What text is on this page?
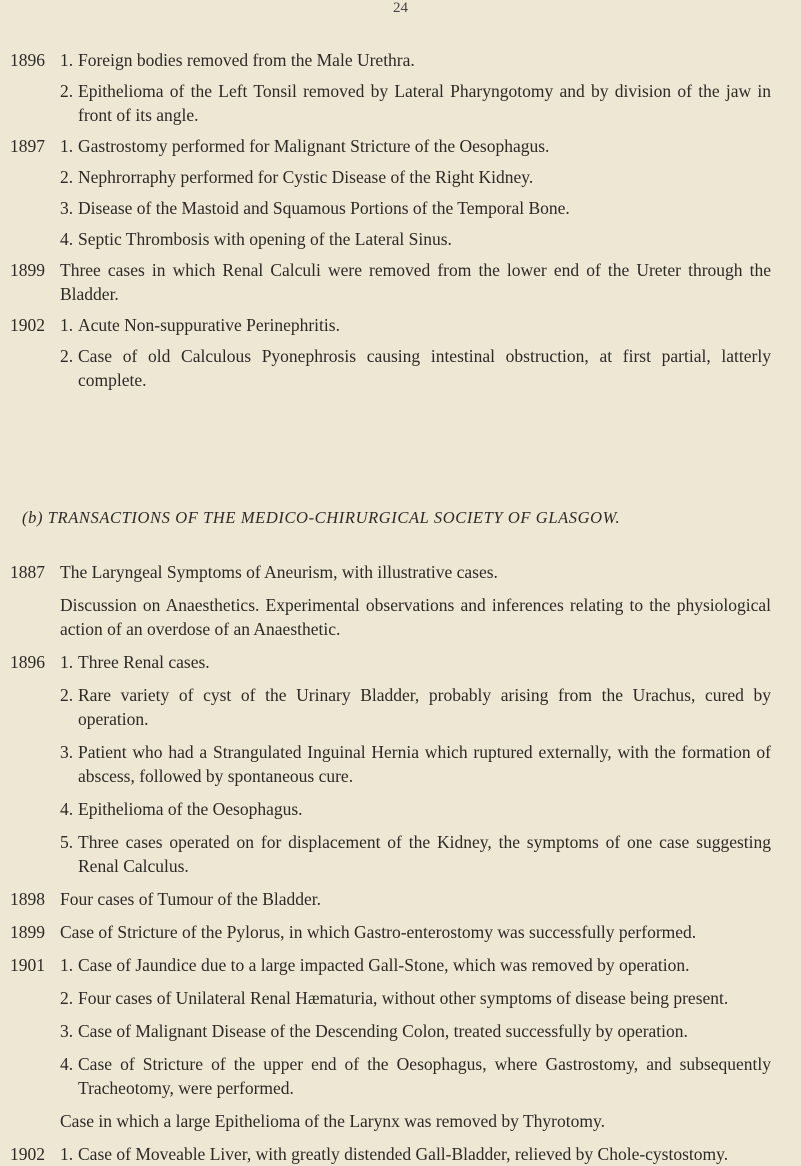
24
1896 1. Foreign bodies removed from the Male Urethra.
2. Epithelioma of the Left Tonsil removed by Lateral Pharyngotomy and by division of the jaw in front of its angle.
1897 1. Gastrostomy performed for Malignant Stricture of the Oesophagus.
2. Nephrorraphy performed for Cystic Disease of the Right Kidney.
3. Disease of the Mastoid and Squamous Portions of the Temporal Bone.
4. Septic Thrombosis with opening of the Lateral Sinus.
1899 Three cases in which Renal Calculi were removed from the lower end of the Ureter through the Bladder.
1902 1. Acute Non-suppurative Perinephritis.
2. Case of old Calculous Pyonephrosis causing intestinal obstruction, at first partial, latterly complete.
(b) TRANSACTIONS OF THE MEDICO-CHIRURGICAL SOCIETY OF GLASGOW.
1887 The Laryngeal Symptoms of Aneurism, with illustrative cases.
Discussion on Anaesthetics. Experimental observations and inferences relating to the physiological action of an overdose of an Anaesthetic.
1896 1. Three Renal cases.
2. Rare variety of cyst of the Urinary Bladder, probably arising from the Urachus, cured by operation.
3. Patient who had a Strangulated Inguinal Hernia which ruptured externally, with the formation of abscess, followed by spontaneous cure.
4. Epithelioma of the Oesophagus.
5. Three cases operated on for displacement of the Kidney, the symptoms of one case suggesting Renal Calculus.
1898 Four cases of Tumour of the Bladder.
1899 Case of Stricture of the Pylorus, in which Gastro-enterostomy was successfully performed.
1901 1. Case of Jaundice due to a large impacted Gall-Stone, which was removed by operation.
2. Four cases of Unilateral Renal Hæmaturia, without other symptoms of disease being present.
3. Case of Malignant Disease of the Descending Colon, treated successfully by operation.
4. Case of Stricture of the upper end of the Oesophagus, where Gastrostomy, and subsequently Tracheotomy, were performed.
Case in which a large Epithelioma of the Larynx was removed by Thyrotomy.
1902 1. Case of Moveable Liver, with greatly distended Gall-Bladder, relieved by Chole-cystostomy.
